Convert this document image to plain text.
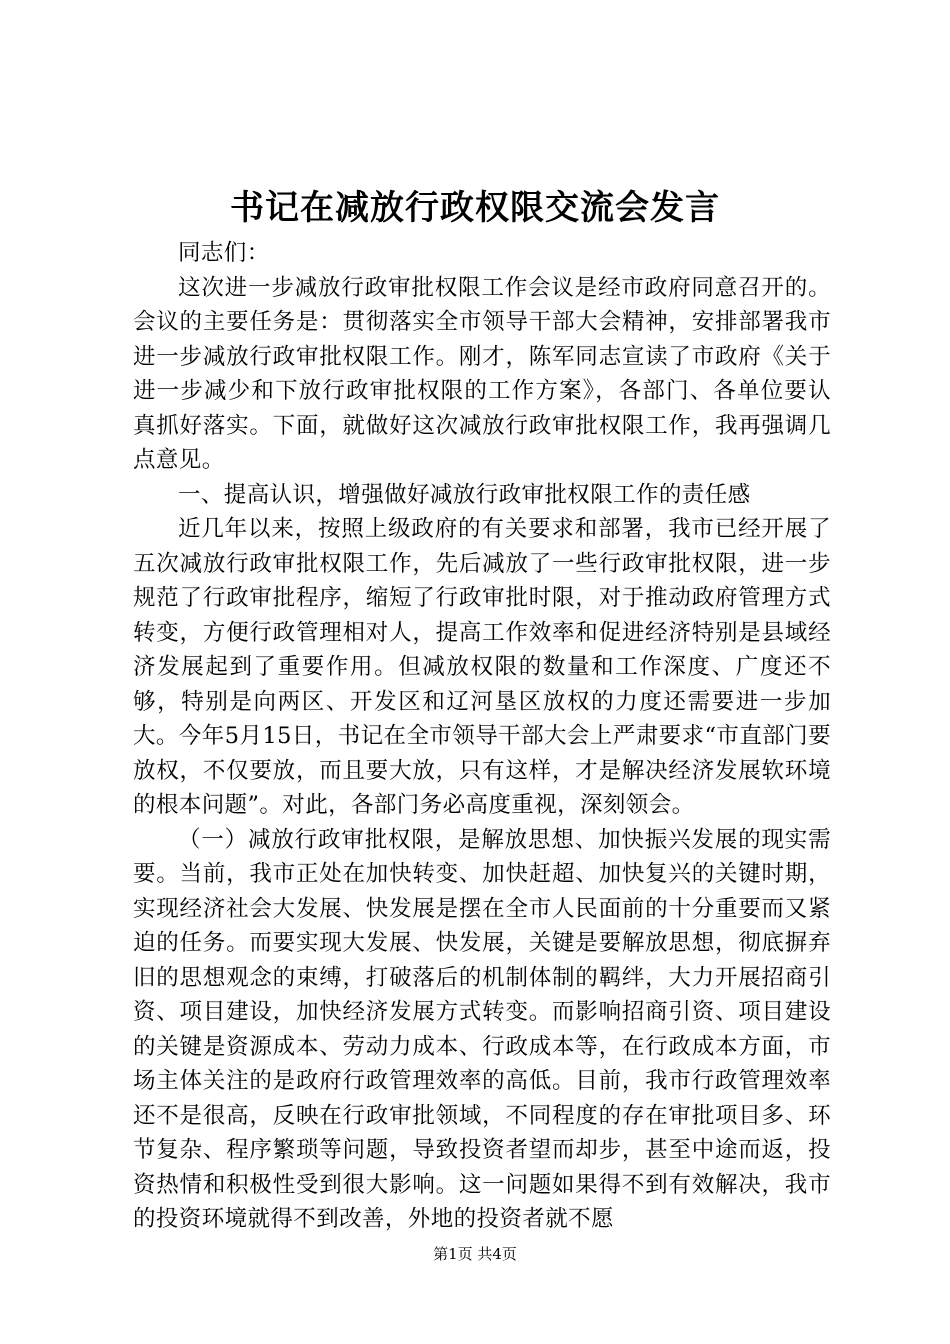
书记在减放行政权限交流会发言

同志们：

这次进一步减放行政审批权限工作会议是经市政府同意召开的。会议的主要任务是：贯彻落实全市领导干部大会精神，安排部署我市进一步减放行政审批权限工作。刚才，陈军同志宣读了市政府《关于进一步减少和下放行政审批权限的工作方案》，各部门、各单位要认真抓好落实。下面，就做好这次减放行政审批权限工作，我再强调几点意见。

一、提高认识，增强做好减放行政审批权限工作的责任感

近几年以来，按照上级政府的有关要求和部署，我市已经开展了五次减放行政审批权限工作，先后减放了一些行政审批权限，进一步规范了行政审批程序，缩短了行政审批时限，对于推动政府管理方式转变，方便行政管理相对人，提高工作效率和促进经济特别是县域经济发展起到了重要作用。但减放权限的数量和工作深度、广度还不够，特别是向两区、开发区和辽河垦区放权的力度还需要进一步加大。今年5月15日，书记在全市领导干部大会上严肃要求“市直部门要放权，不仅要放，而且要大放，只有这样，才是解决经济发展软环境的根本问题”。对此，各部门务必高度重视，深刻领会。

（一）减放行政审批权限，是解放思想、加快振兴发展的现实需要。当前，我市正处在加快转变、加快赶超、加快复兴的关键时期，实现经济社会大发展、快发展是摆在全市人民面前的十分重要而又紧迫的任务。而要实现大发展、快发展，关键是要解放思想，彻底摒弃旧的思想观念的束缚，打破落后的机制体制的羁绊，大力开展招商引资、项目建设，加快经济发展方式转变。而影响招商引资、项目建设的关键是资源成本、劳动力成本、行政成本等，在行政成本方面，市场主体关注的是政府行政管理效率的高低。目前，我市行政管理效率还不是很高，反映在行政审批领域，不同程度的存在审批项目多、环节复杂、程序繁琐等问题，导致投资者望而却步，甚至中途而返，投资热情和积极性受到很大影响。这一问题如果得不到有效解决，我市的投资环境就得不到改善，外地的投资者就不愿

第1页 共4页
